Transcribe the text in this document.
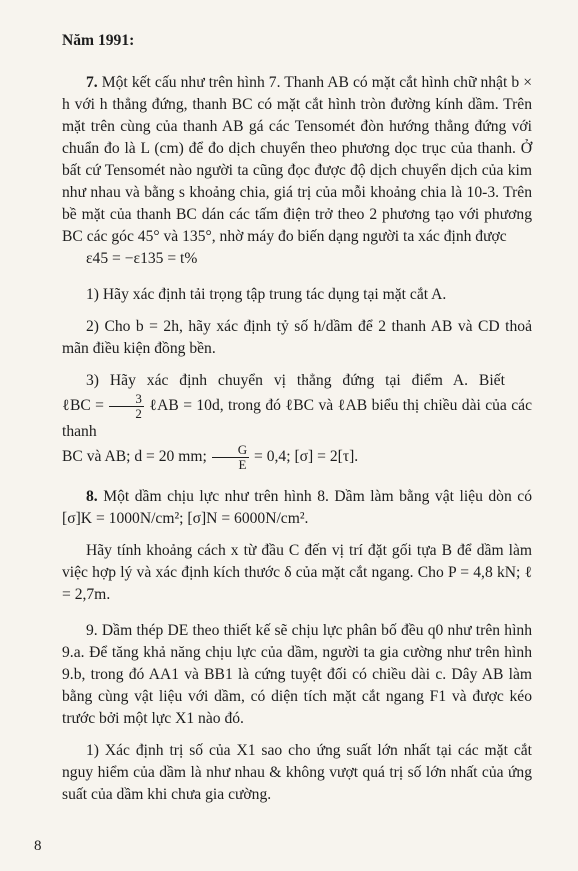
Năm 1991:

7. Một kết cấu như trên hình 7. Thanh AB có mặt cắt hình chữ nhật b × h với h thẳng đứng, thanh BC có mặt cắt hình tròn đường kính dầm. Trên mặt trên cùng của thanh AB gá các Tensomét đòn hướng thẳng đứng với chuẩn đo là L (cm) để đo dịch chuyển theo phương dọc trục của thanh. Ở bất cứ Tensomét nào người ta cũng đọc được độ dịch chuyển dịch của kim như nhau và bằng s khoảng chia, giá trị của mỗi khoảng chia là 10-3. Trên bề mặt của thanh BC dán các tấm điện trở theo 2 phương tạo với phương BC các góc 45° và 135°, nhờ máy đo biến dạng người ta xác định được
ε45 = −ε135 = t%

1) Hãy xác định tải trọng tập trung tác dụng tại mặt cắt A.

2) Cho b = 2h, hãy xác định tỷ số h/dầm để 2 thanh AB và CD thoả mãn điều kiện đồng bền.

3) Hãy xác định chuyển vị thẳng đứng tại điểm A. Biết
ℓBC = $\frac{3}{2}$ ℓAB = 10d, trong đó ℓBC và ℓAB biểu thị chiều dài của các thanh
BC và AB; d = 20 mm; $\frac{G}{E} = 0,4$; [σ] = 2[τ].

8. Một dầm chịu lực như trên hình 8. Dầm làm bằng vật liệu dòn có [σ]K = 1000N/cm²; [σ]N = 6000N/cm².

Hãy tính khoảng cách x từ đầu C đến vị trí đặt gối tựa B để dầm làm việc hợp lý và xác định kích thước δ của mặt cắt ngang. Cho P = 4,8 kN; ℓ = 2,7m.

9. Dầm thép DE theo thiết kế sẽ chịu lực phân bố đều q0 như trên hình 9.a. Để tăng khả năng chịu lực của dầm, người ta gia cường như trên hình 9.b, trong đó AA1 và BB1 là cứng tuyệt đối có chiều dài c. Dây AB làm bằng cùng vật liệu với dầm, có diện tích mặt cắt ngang F1 và được kéo trước bởi một lực X1 nào đó.

1) Xác định trị số của X1 sao cho ứng suất lớn nhất tại các mặt cắt nguy hiểm của dầm là như nhau & không vượt quá trị số lớn nhất của ứng suất của dầm khi chưa gia cường.

8
